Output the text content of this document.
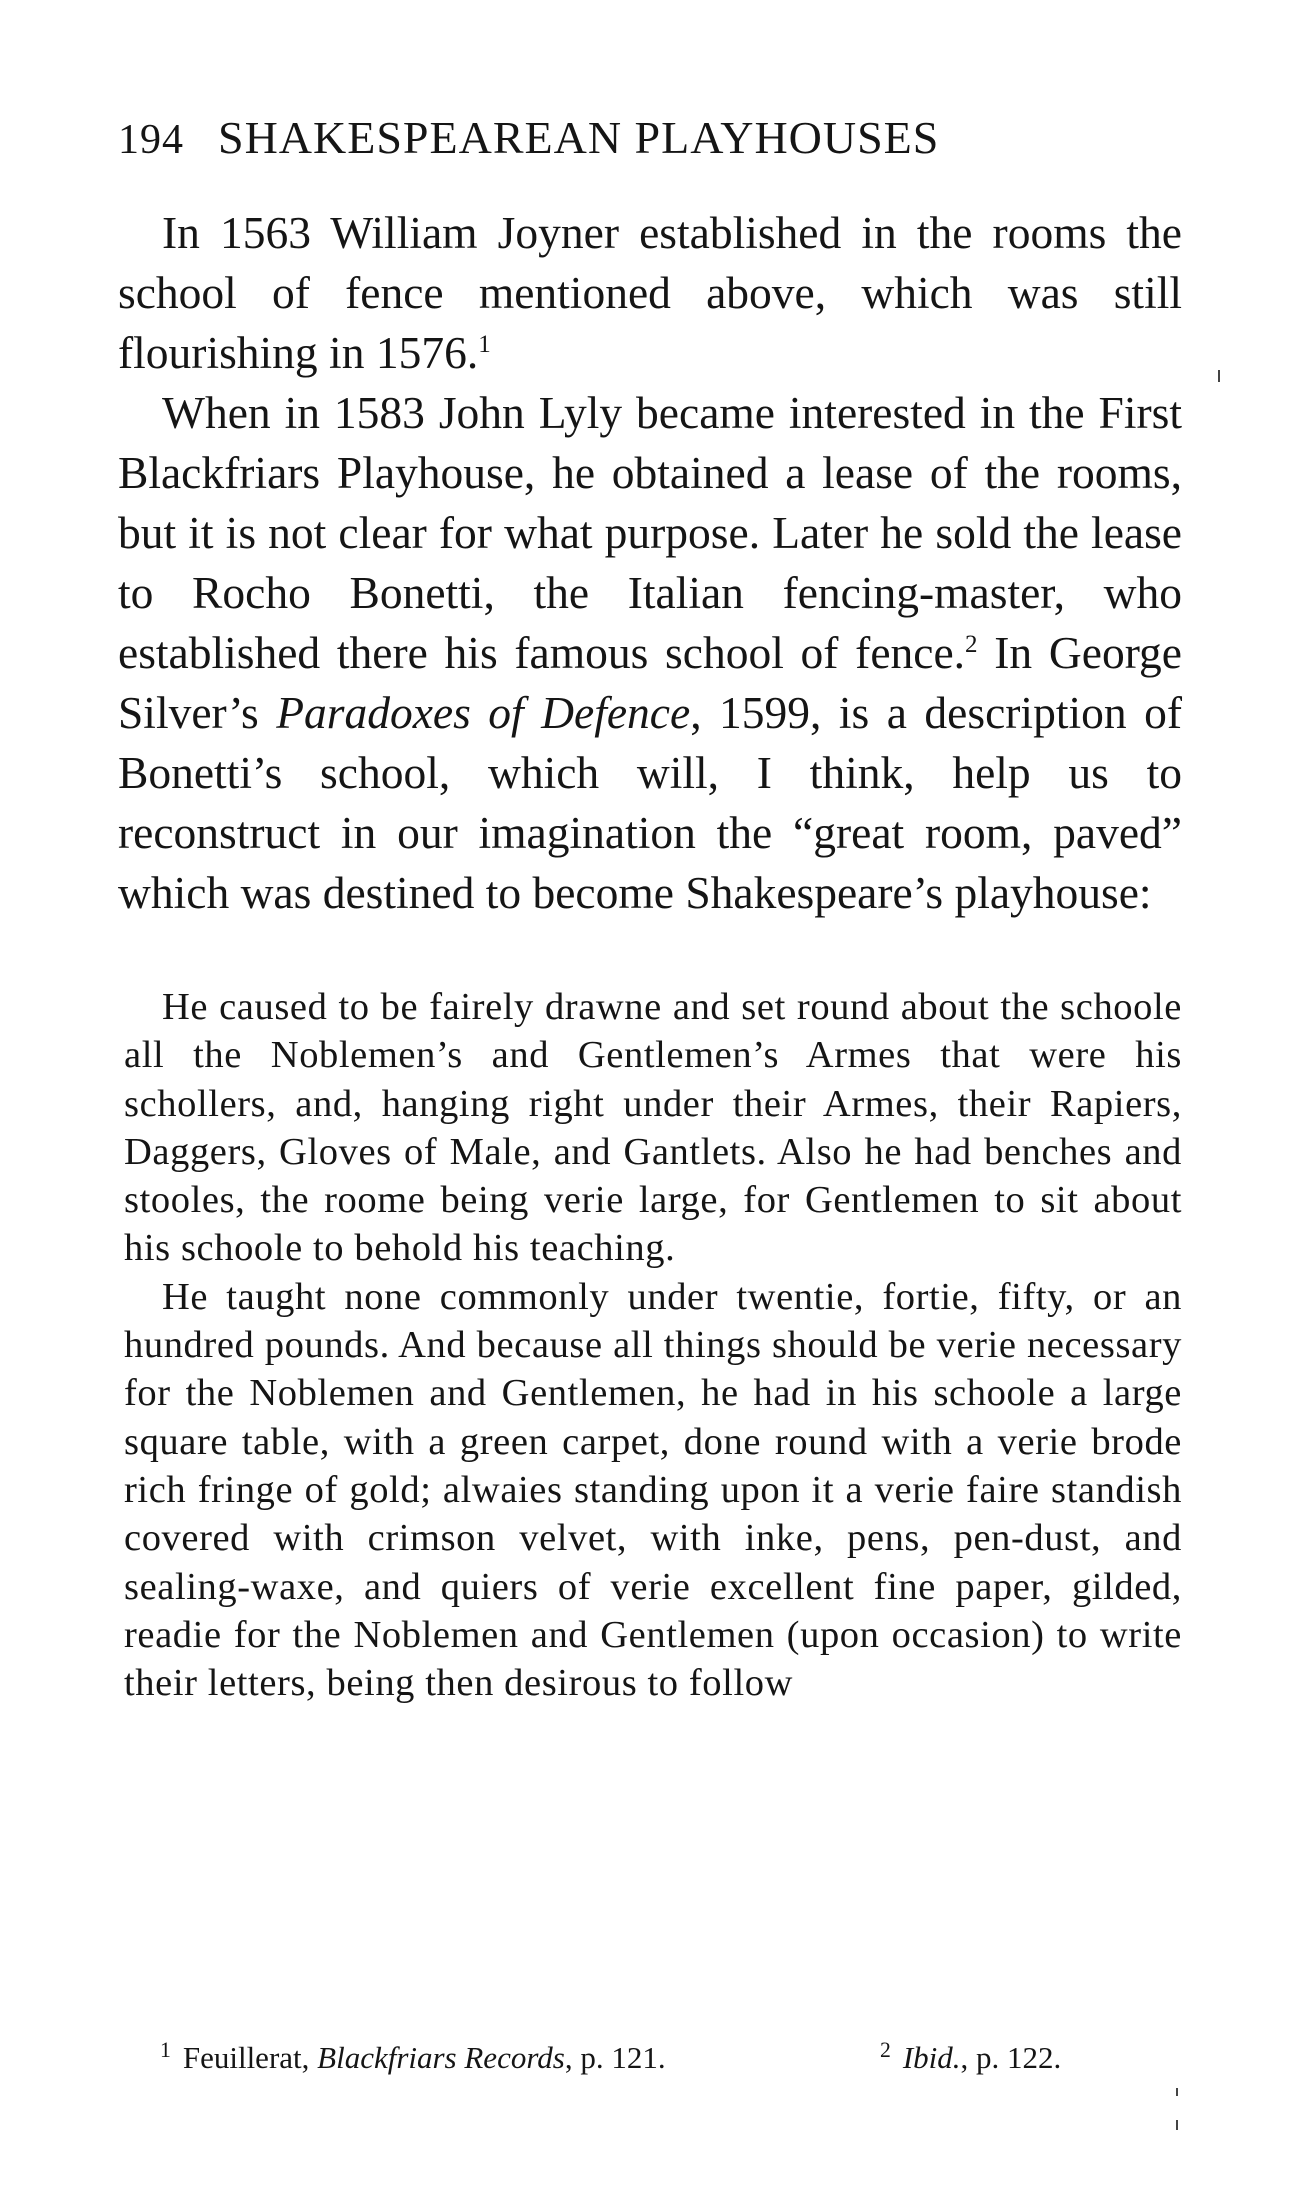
194 SHAKESPEAREAN PLAYHOUSES

In 1563 William Joyner established in the rooms the school of fence mentioned above, which was still flourishing in 1576.$^1$

When in 1583 John Lyly became interested in the First Blackfriars Playhouse, he obtained a lease of the rooms, but it is not clear for what purpose. Later he sold the lease to Rocho Bonetti, the Italian fencing-master, who established there his famous school of fence.$^2$ In George Silver’s Paradoxes of Defence, 1599, is a description of Bonetti’s school, which will, I think, help us to reconstruct in our imagination the “great room, paved” which was destined to become Shakespeare’s playhouse:

He caused to be fairely drawne and set round about the schoole all the Noblemen’s and Gentlemen’s Armes that were his schollers, and, hanging right under their Armes, their Rapiers, Daggers, Gloves of Male, and Gantlets. Also he had benches and stooles, the roome being verie large, for Gentlemen to sit about his schoole to behold his teaching.

He taught none commonly under twentie, fortie, fifty, or an hundred pounds. And because all things should be verie necessary for the Noblemen and Gentlemen, he had in his schoole a large square table, with a green carpet, done round with a verie brode rich fringe of gold; alwaies standing upon it a verie faire standish covered with crimson velvet, with inke, pens, pen-dust, and sealing-waxe, and quiers of verie excellent fine paper, gilded, readie for the Noblemen and Gentlemen (upon occasion) to write their letters, being then desirous to follow

$^1$ Feuillerat, Blackfriars Records, p. 121.	$^2$ Ibid., p. 122.
